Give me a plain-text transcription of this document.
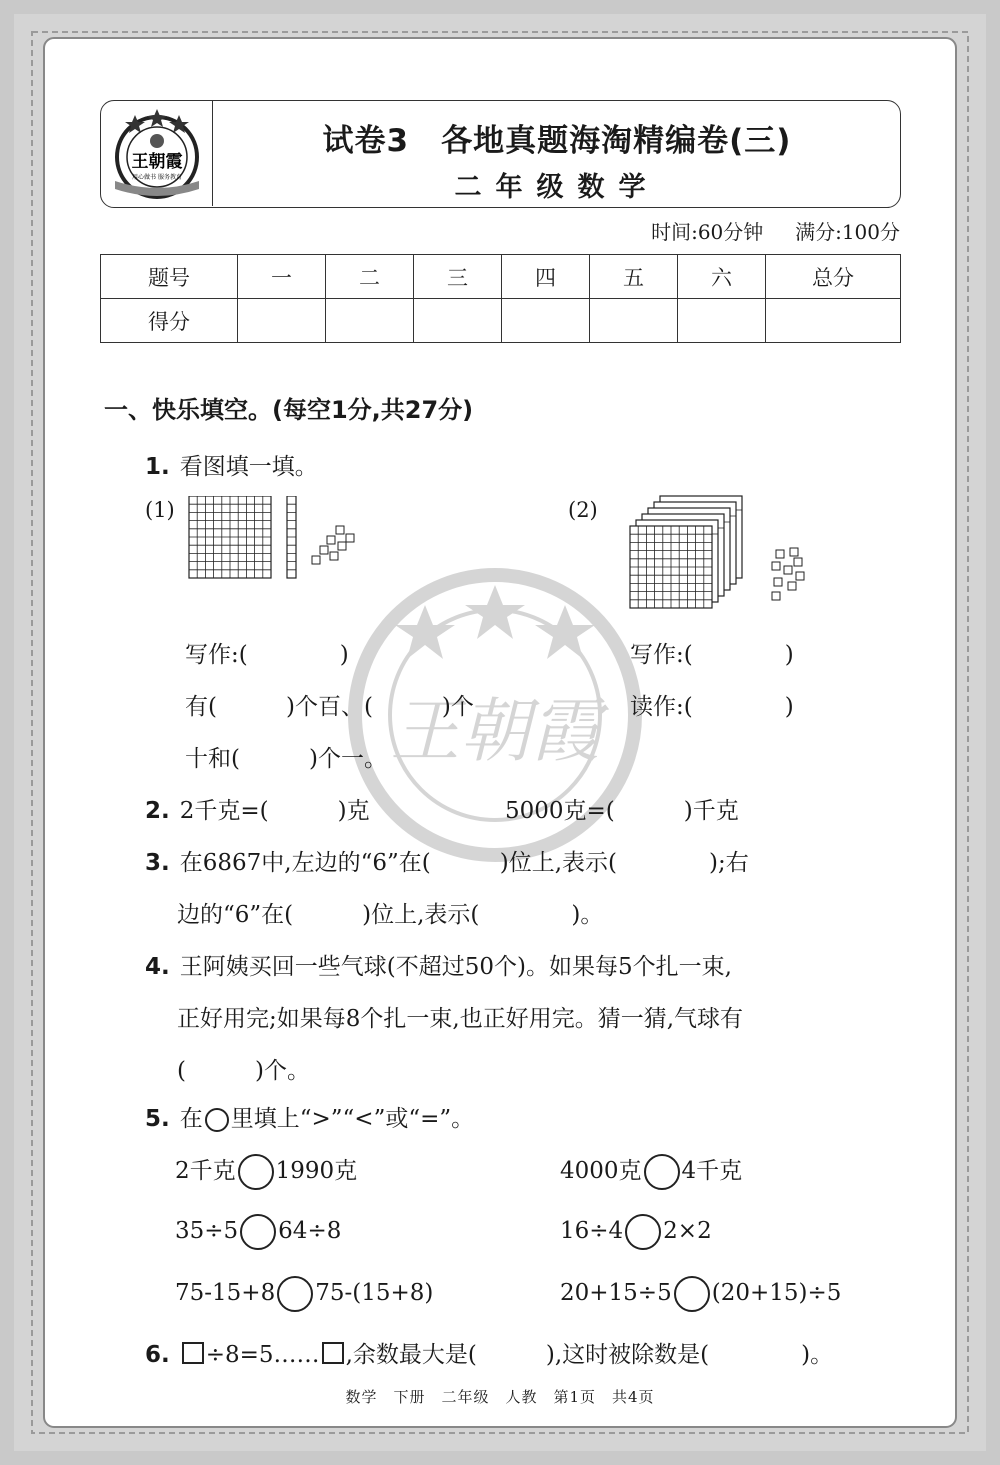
王朝霞
王朝霞
用心做书 服务教育
试卷3　各地真题海淘精编卷(三)
二年级数学
时间:60分钟 满分:100分
题号	一	二	三	四	五	六	总分
得分							
一、快乐填空。(每空1分,共27分)
1. 看图填一填。
(1)	(2)
写作:(　　　　)
有(　　　)个百、(　　　)个
十和(　　　)个一。
写作:(　　　　)
读作:(　　　　)
2. 2千克=(　　　)克	5000克=(　　　)千克
3. 在6867中,左边的“6”在(　　　)位上,表示(　　　　);右
边的“6”在(　　　)位上,表示(　　　　)。
4. 王阿姨买回一些气球(不超过50个)。如果每5个扎一束,
正好用完;如果每8个扎一束,也正好用完。猜一猜,气球有
(　　　)个。
5. 在 里填上“>”“<”或“=”。
2千克 1990克	4000克 4千克
35÷5 64÷8	16÷4 2×2
75-15+8 75-(15+8)	20+15÷5 (20+15)÷5
6. ÷8=5…… ,余数最大是(　　　),这时被除数是(　　　　)。
数学　下册　二年级　人教　第1页　共4页
